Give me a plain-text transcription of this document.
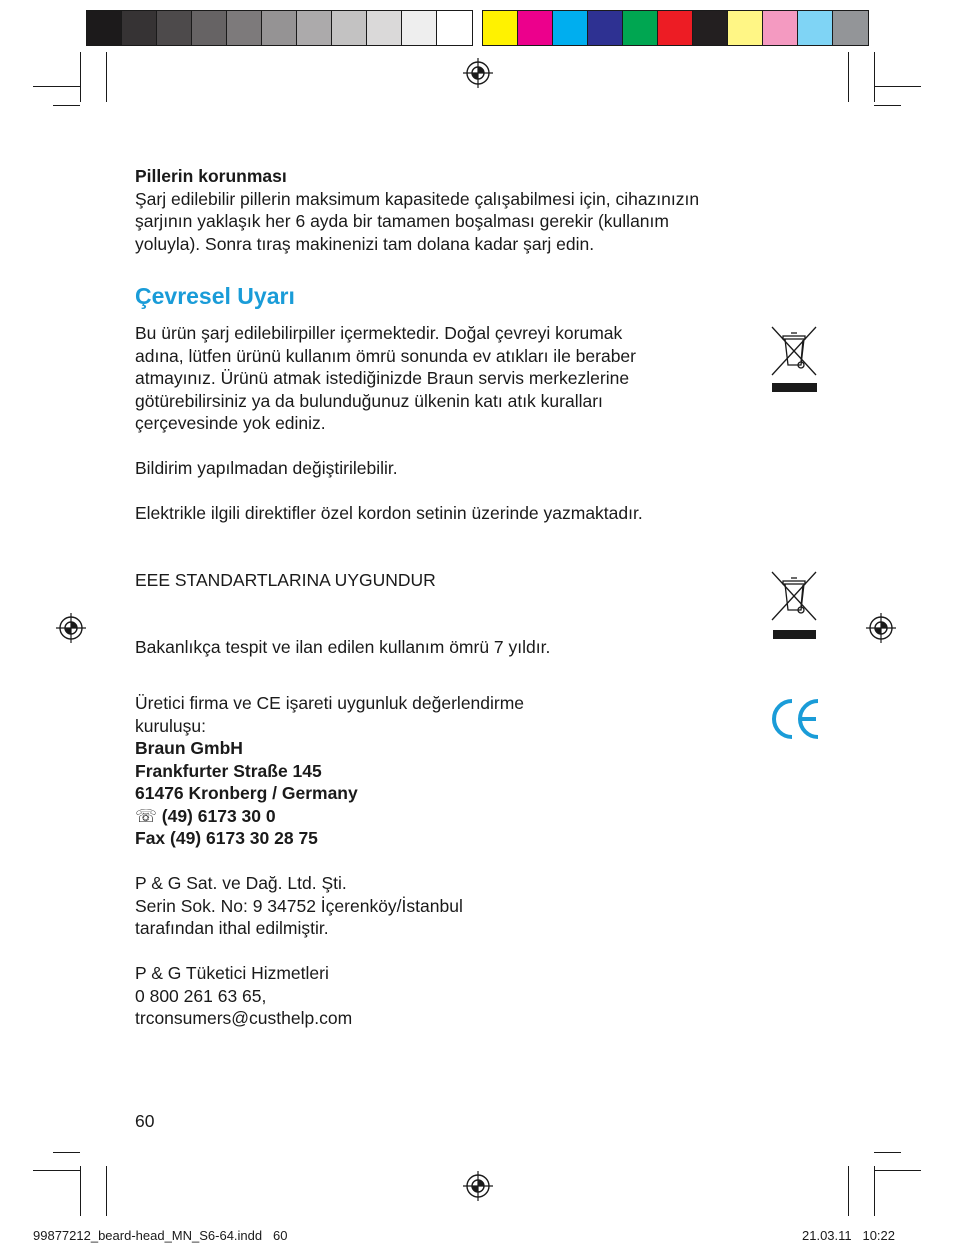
Pillerin korunması
Şarj edilebilir pillerin maksimum kapasitede çalışabilmesi için, cihazınızın
şarjının yaklaşık her 6 ayda bir tamamen boşalması gerekir (kullanım
yoluyla). Sonra tıraş makinenizi tam dolana kadar şarj edin.
Çevresel Uyarı
Bu ürün şarj edilebilirpiller içermektedir. Doğal çevreyi korumak
adına, lütfen ürünü kullanım ömrü sonunda ev atıkları ile beraber
atmayınız. Ürünü atmak istediğinizde Braun servis merkezlerine
götürebilirsiniz ya da bulunduğunuz ülkenin katı atık kuralları
çerçevesinde yok ediniz.
Bildirim yapılmadan değiştirilebilir.
Elektrikle ilgili direktifler özel kordon setinin üzerinde yazmaktadır.
EEE STANDARTLARINA UYGUNDUR
Bakanlıkça tespit ve ilan edilen kullanım ömrü 7 yıldır.
Üretici firma ve CE işareti uygunluk değerlendirme
kuruluşu:
Braun GmbH
Frankfurter Straße 145
61476 Kronberg / Germany
☏ (49) 6173 30 0
Fax (49) 6173 30 28 75
P & G Sat. ve Dağ. Ltd. Şti.
Serin Sok. No: 9 34752 İçerenköy/İstanbul
tarafından ithal edilmiştir.
P & G Tüketici Hizmetleri
0 800 261 63 65,
trconsumers@custhelp.com
60
99877212_beard-head_MN_S6-64.indd   60	21.03.11   10:22
